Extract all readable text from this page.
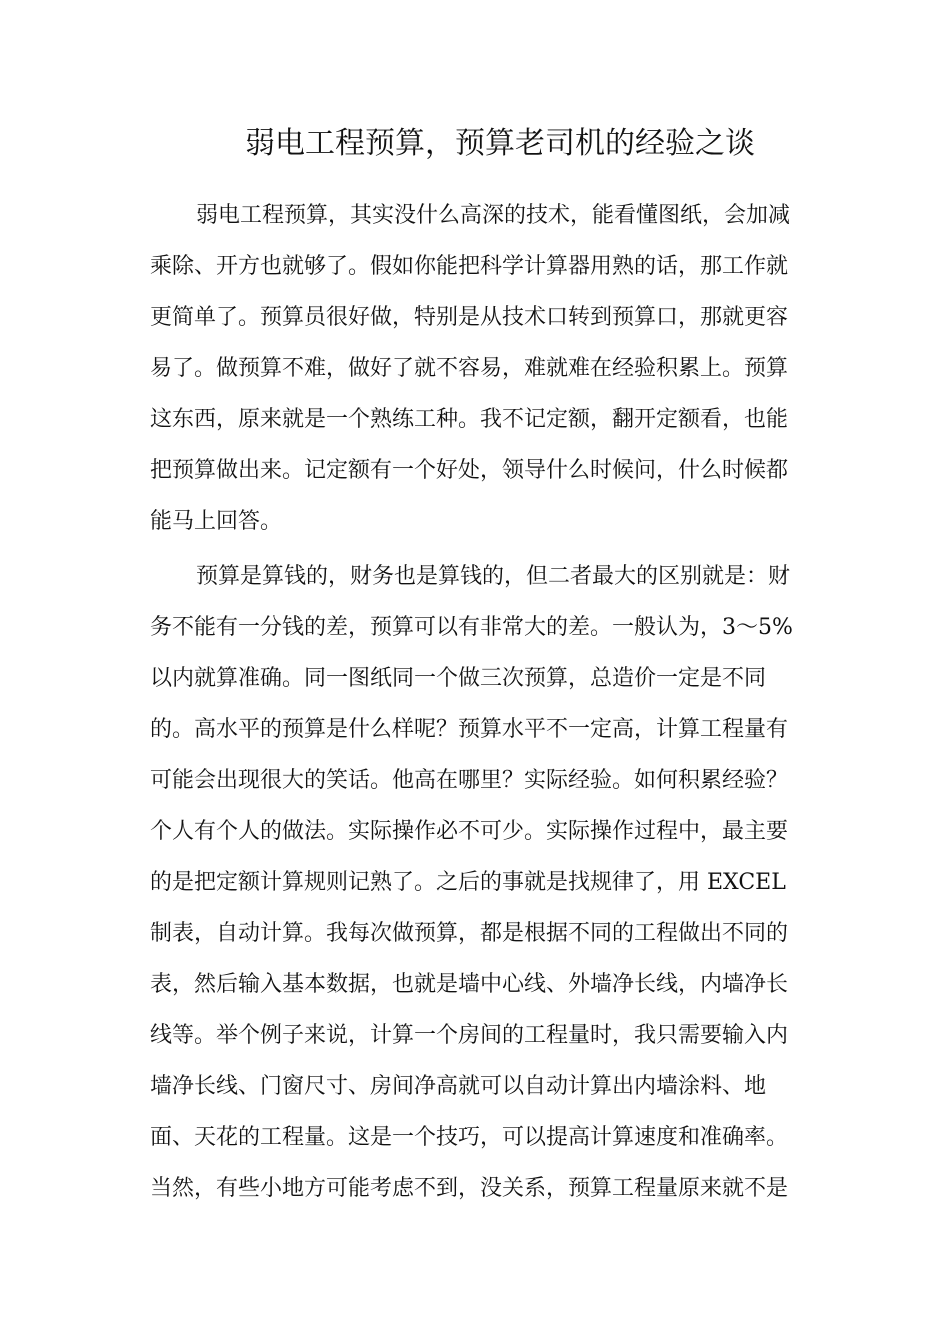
弱电工程预算，预算老司机的经验之谈

弱电工程预算，其实没什么高深的技术，能看懂图纸，会加减

乘除、开方也就够了。假如你能把科学计算器用熟的话，那工作就

更简单了。预算员很好做，特别是从技术口转到预算口，那就更容

易了。做预算不难，做好了就不容易，难就难在经验积累上。预算

这东西，原来就是一个熟练工种。我不记定额，翻开定额看，也能

把预算做出来。记定额有一个好处，领导什么时候问，什么时候都

能马上回答。

预算是算钱的，财务也是算钱的，但二者最大的区别就是：财

务不能有一分钱的差，预算可以有非常大的差。一般认为，3～5%

以内就算准确。同一图纸同一个做三次预算，总造价一定是不同

的。高水平的预算是什么样呢？预算水平不一定高，计算工程量有

可能会出现很大的笑话。他高在哪里？实际经验。如何积累经验？

个人有个人的做法。实际操作必不可少。实际操作过程中，最主要

的是把定额计算规则记熟了。之后的事就是找规律了，用 EXCEL

制表，自动计算。我每次做预算，都是根据不同的工程做出不同的

表，然后输入基本数据，也就是墙中心线、外墙净长线，内墙净长

线等。举个例子来说，计算一个房间的工程量时，我只需要输入内

墙净长线、门窗尺寸、房间净高就可以自动计算出内墙涂料、地

面、天花的工程量。这是一个技巧，可以提高计算速度和准确率。

当然，有些小地方可能考虑不到，没关系，预算工程量原来就不是
